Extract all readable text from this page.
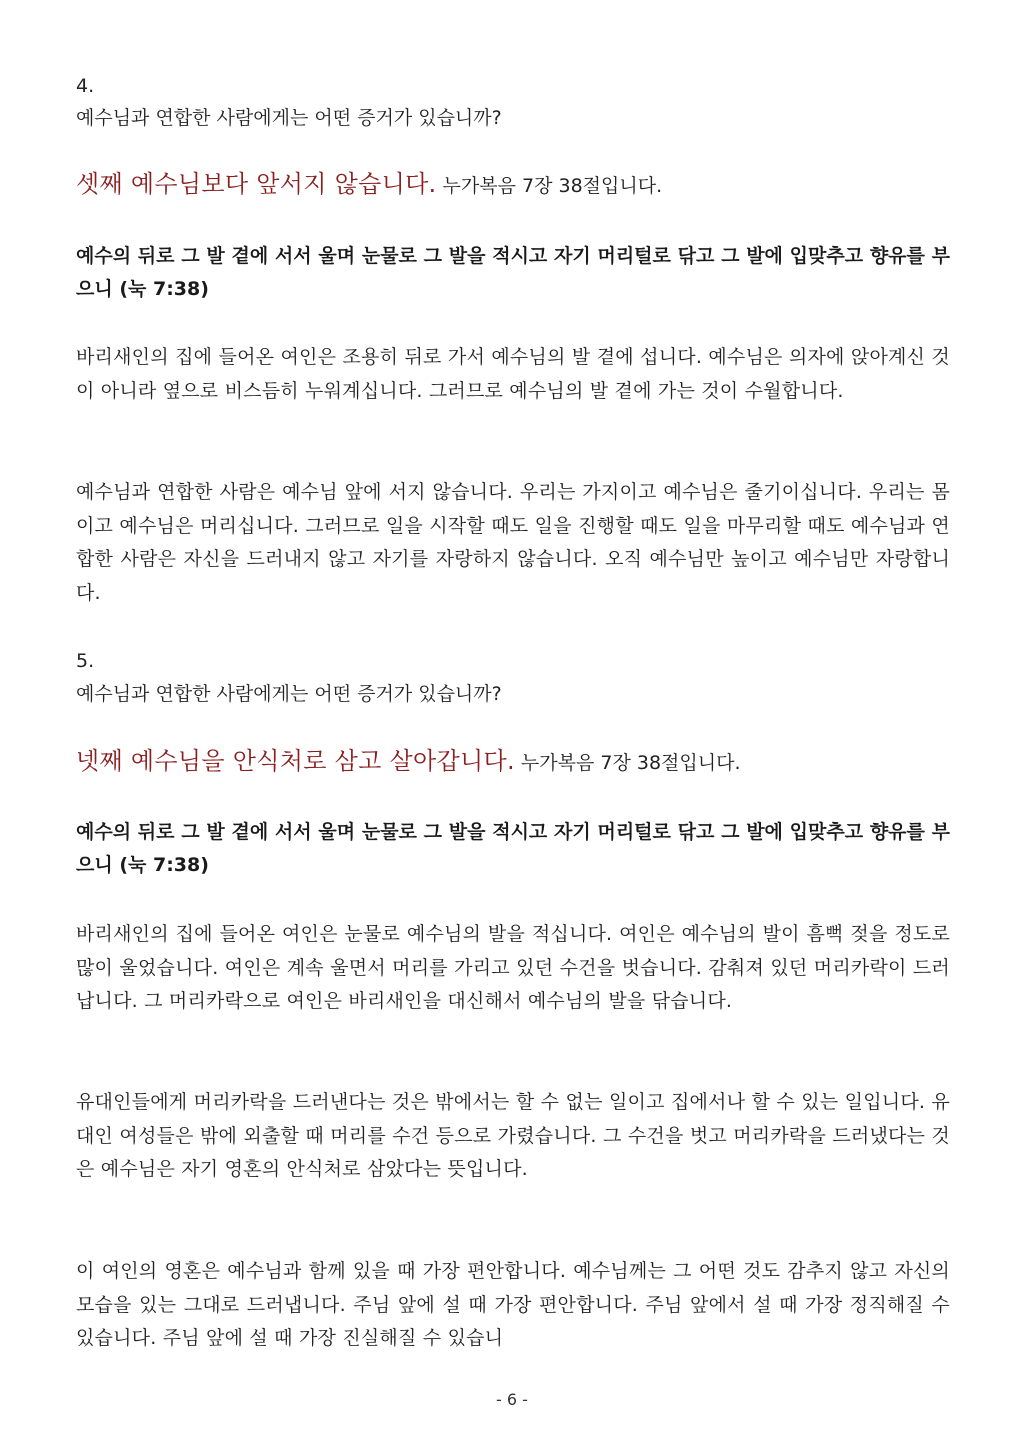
4.
예수님과 연합한 사람에게는 어떤 증거가 있습니까?
셋째 예수님보다 앞서지 않습니다. 누가복음 7장 38절입니다.

예수의 뒤로 그 발 곁에 서서 울며 눈물로 그 발을 적시고 자기 머리털로 닦고 그 발에 입맞추고 향유를 부으니 (눅 7:38)

바리새인의 집에 들어온 여인은 조용히 뒤로 가서 예수님의 발 곁에 섭니다. 예수님은 의자에 앉아계신 것이 아니라 옆으로 비스듬히 누워계십니다. 그러므로 예수님의 발 곁에 가는 것이 수월합니다.

예수님과 연합한 사람은 예수님 앞에 서지 않습니다. 우리는 가지이고 예수님은 줄기이십니다. 우리는 몸이고 예수님은 머리십니다. 그러므로 일을 시작할 때도 일을 진행할 때도 일을 마무리할 때도 예수님과 연합한 사람은 자신을 드러내지 않고 자기를 자랑하지 않습니다. 오직 예수님만 높이고 예수님만 자랑합니다.

5.
예수님과 연합한 사람에게는 어떤 증거가 있습니까?
넷째 예수님을 안식처로 삼고 살아갑니다. 누가복음 7장 38절입니다.

예수의 뒤로 그 발 곁에 서서 울며 눈물로 그 발을 적시고 자기 머리털로 닦고 그 발에 입맞추고 향유를 부으니 (눅 7:38)

바리새인의 집에 들어온 여인은 눈물로 예수님의 발을 적십니다. 여인은 예수님의 발이 흠뻑 젖을 정도로 많이 울었습니다. 여인은 계속 울면서 머리를 가리고 있던 수건을 벗습니다. 감춰져 있던 머리카락이 드러납니다. 그 머리카락으로 여인은 바리새인을 대신해서 예수님의 발을 닦습니다.

유대인들에게 머리카락을 드러낸다는 것은 밖에서는 할 수 없는 일이고 집에서나 할 수 있는 일입니다. 유대인 여성들은 밖에 외출할 때 머리를 수건 등으로 가렸습니다. 그 수건을 벗고 머리카락을 드러냈다는 것은 예수님은 자기 영혼의 안식처로 삼았다는 뜻입니다.

이 여인의 영혼은 예수님과 함께 있을 때 가장 편안합니다. 예수님께는 그 어떤 것도 감추지 않고 자신의 모습을 있는 그대로 드러냅니다. 주님 앞에 설 때 가장 편안합니다. 주님 앞에서 설 때 가장 정직해질 수 있습니다. 주님 앞에 설 때 가장 진실해질 수 있습니

- 6 -
